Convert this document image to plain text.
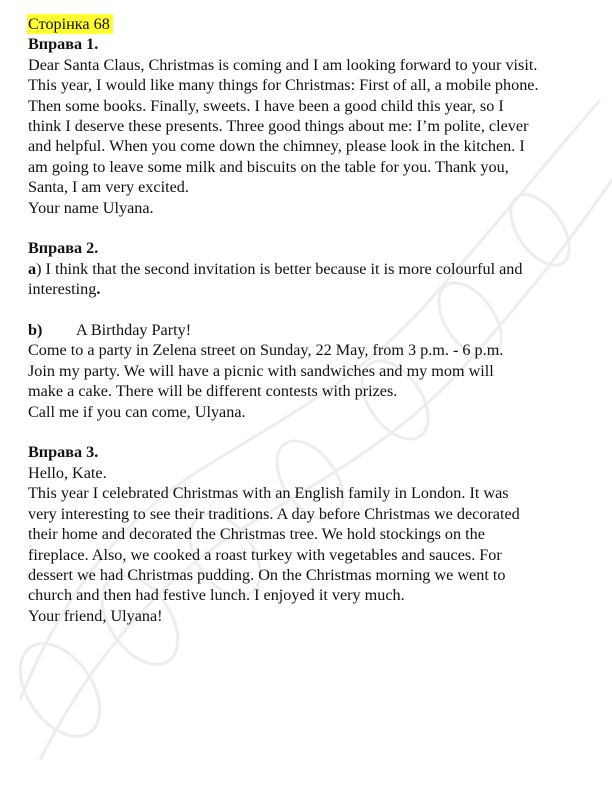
Сторінка 68
Вправа 1.
Dear Santa Claus, Christmas is coming and I am looking forward to your visit.
This year, I would like many things for Christmas: First of all, a mobile phone.
Then some books. Finally, sweets. I have been a good child this year, so I
think I deserve these presents. Three good things about me: I’m polite, clever
and helpful. When you come down the chimney, please look in the kitchen. I
am going to leave some milk and biscuits on the table for you. Thank you,
Santa, I am very excited.
Your name Ulyana.
Вправа 2.
a) I think that the second invitation is better because it is more colourful and
interesting.
b) A Birthday Party!
Come to a party in Zelena street on Sunday, 22 May, from 3 p.m. - 6 p.m.
Join my party. We will have a picnic with sandwiches and my mom will
make a cake. There will be different contests with prizes.
Call me if you can come, Ulyana.
Вправа 3.
Hello, Kate.
This year I celebrated Christmas with an English family in London. It was
very interesting to see their traditions. A day before Christmas we decorated
their home and decorated the Christmas tree. We hold stockings on the
fireplace. Also, we cooked a roast turkey with vegetables and sauces. For
dessert we had Christmas pudding. On the Christmas morning we went to
church and then had festive lunch. I enjoyed it very much.
Your friend, Ulyana!
